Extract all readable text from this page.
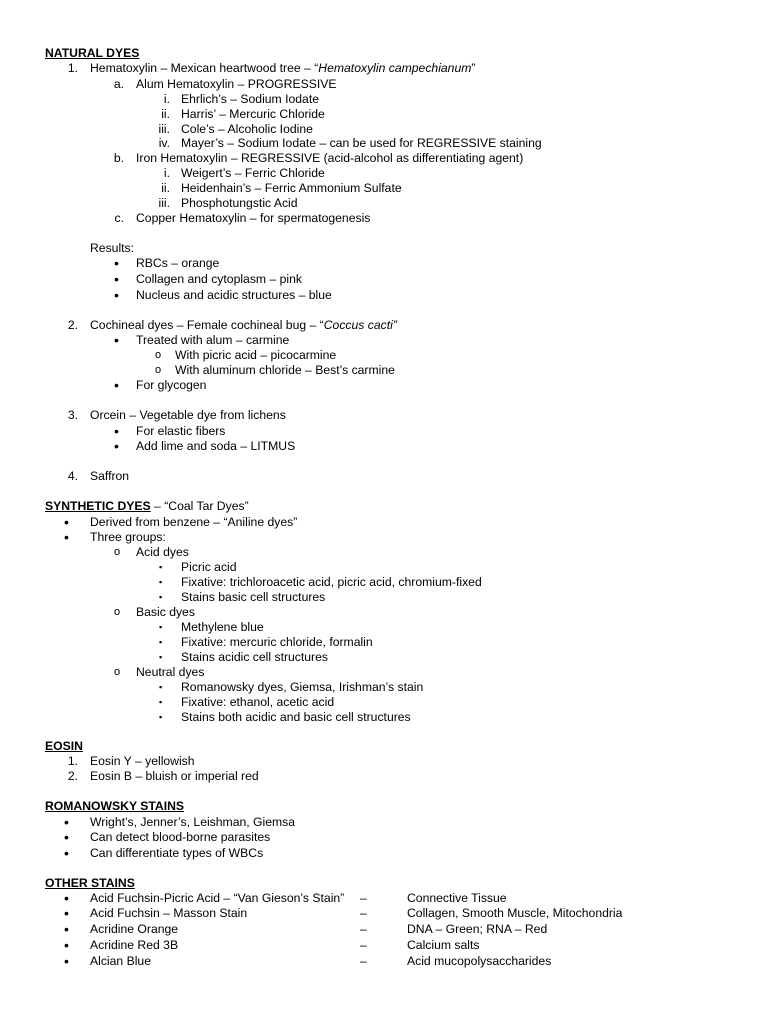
NATURAL DYES
1. Hematoxylin – Mexican heartwood tree – “Hematoxylin campechianum”
a. Alum Hematoxylin – PROGRESSIVE
i. Ehrlich’s – Sodium Iodate
ii. Harris’ – Mercuric Chloride
iii. Cole’s – Alcoholic Iodine
iv. Mayer’s – Sodium Iodate – can be used for REGRESSIVE staining
b. Iron Hematoxylin – REGRESSIVE (acid-alcohol as differentiating agent)
i. Weigert’s – Ferric Chloride
ii. Heidenhain’s – Ferric Ammonium Sulfate
iii. Phosphotungstic Acid
c. Copper Hematoxylin – for spermatogenesis
Results:
• RBCs – orange
• Collagen and cytoplasm – pink
• Nucleus and acidic structures – blue
2. Cochineal dyes – Female cochineal bug – “Coccus cacti”
• Treated with alum – carmine
o With picric acid – picocarmine
o With aluminum chloride – Best’s carmine
• For glycogen
3. Orcein – Vegetable dye from lichens
• For elastic fibers
• Add lime and soda – LITMUS
4. Saffron
SYNTHETIC DYES – “Coal Tar Dyes”
• Derived from benzene – “Aniline dyes”
• Three groups:
o Acid dyes
▪ Picric acid
▪ Fixative: trichloroacetic acid, picric acid, chromium-fixed
▪ Stains basic cell structures
o Basic dyes
▪ Methylene blue
▪ Fixative: mercuric chloride, formalin
▪ Stains acidic cell structures
o Neutral dyes
▪ Romanowsky dyes, Giemsa, Irishman’s stain
▪ Fixative: ethanol, acetic acid
▪ Stains both acidic and basic cell structures
EOSIN
1. Eosin Y – yellowish
2. Eosin B – bluish or imperial red
ROMANOWSKY STAINS
• Wright’s, Jenner’s, Leishman, Giemsa
• Can detect blood-borne parasites
• Can differentiate types of WBCs
OTHER STAINS
• Acid Fuchsin-Picric Acid – “Van Gieson’s Stain” –	Connective Tissue
• Acid Fuchsin – Masson Stain	–	Collagen, Smooth Muscle, Mitochondria
• Acridine Orange	–	DNA – Green; RNA – Red
• Acridine Red 3B	–	Calcium salts
• Alcian Blue	–	Acid mucopolysaccharides
